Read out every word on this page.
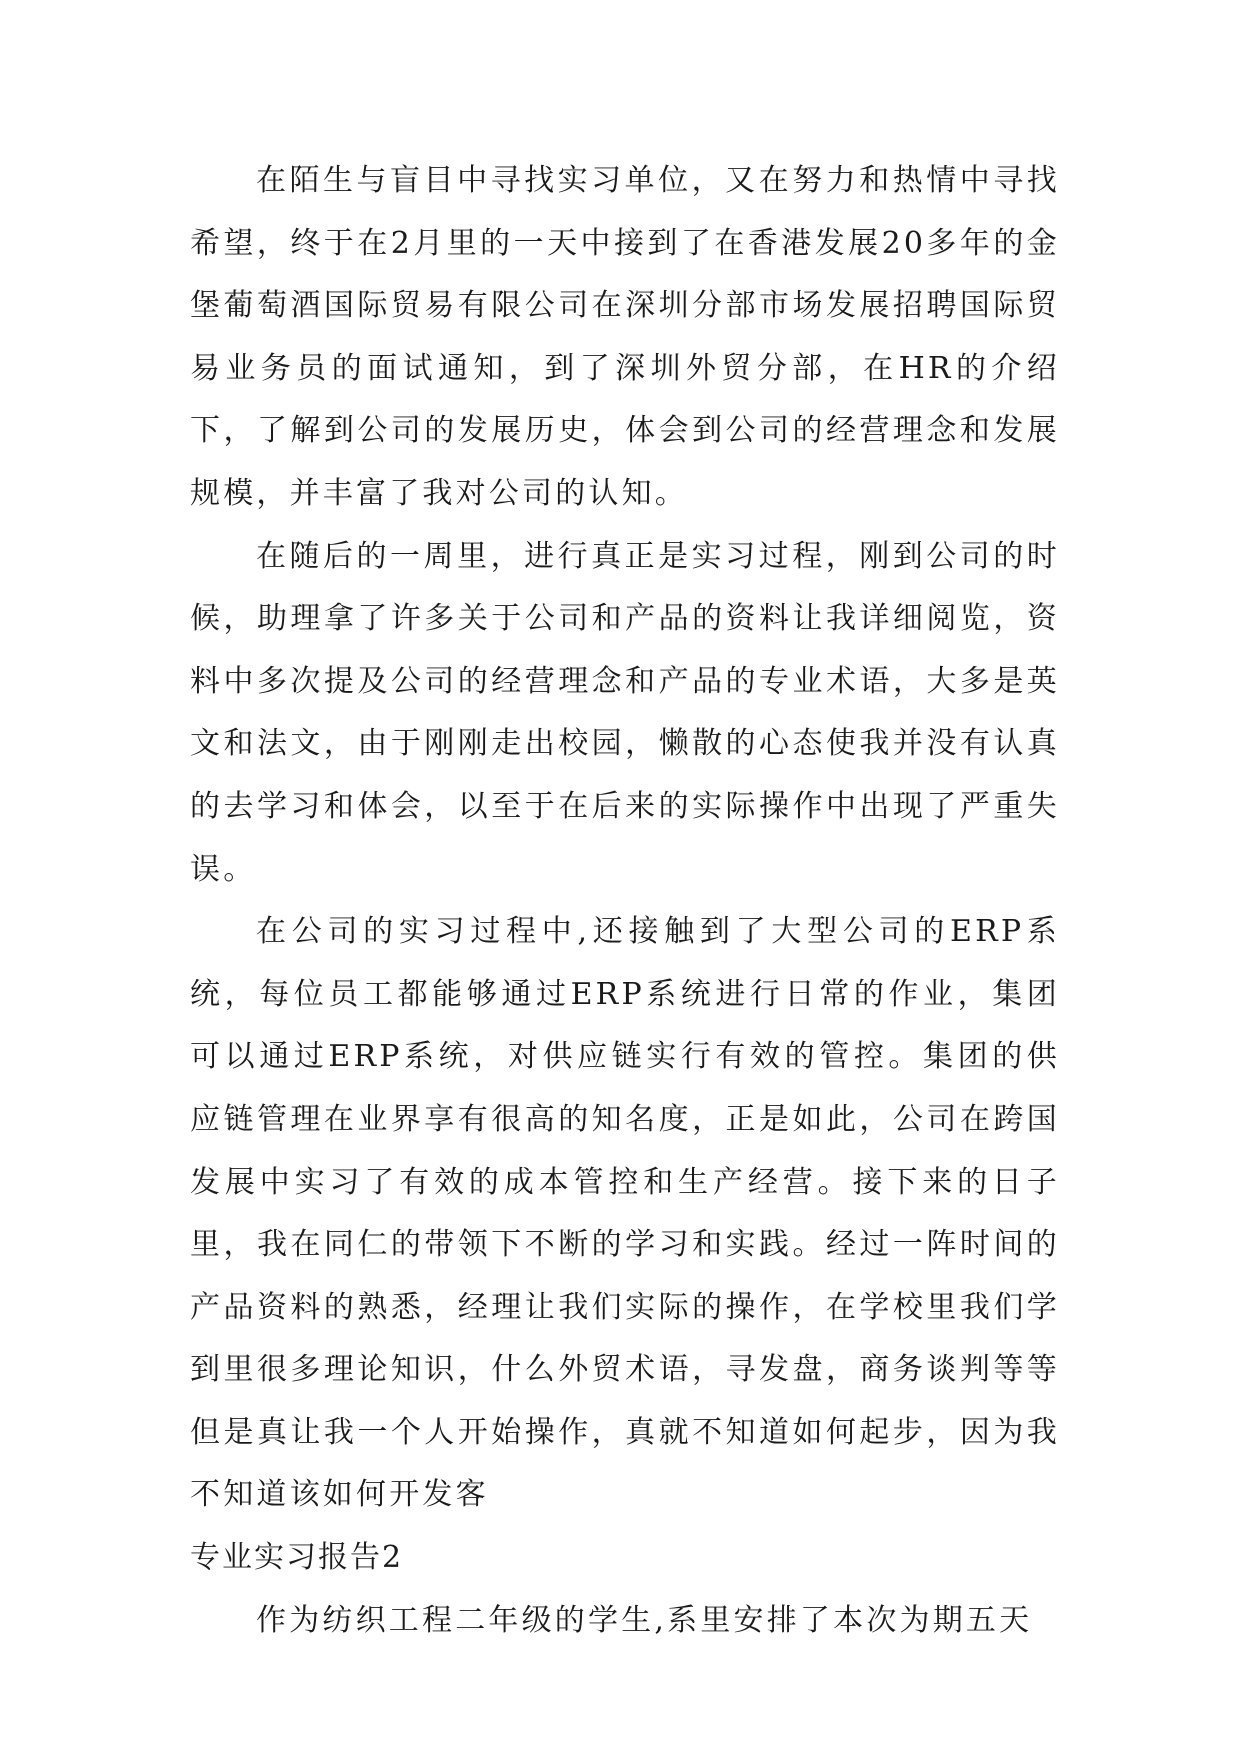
在陌生与盲目中寻找实习单位，又在努力和热情中寻找希望，终于在2月里的一天中接到了在香港发展20多年的金堡葡萄酒国际贸易有限公司在深圳分部市场发展招聘国际贸易业务员的面试通知，到了深圳外贸分部，在HR的介绍下，了解到公司的发展历史，体会到公司的经营理念和发展规模，并丰富了我对公司的认知。

在随后的一周里，进行真正是实习过程，刚到公司的时候，助理拿了许多关于公司和产品的资料让我详细阅览，资料中多次提及公司的经营理念和产品的专业术语，大多是英文和法文，由于刚刚走出校园，懒散的心态使我并没有认真的去学习和体会，以至于在后来的实际操作中出现了严重失误。

在公司的实习过程中,还接触到了大型公司的ERP系统，每位员工都能够通过ERP系统进行日常的作业，集团可以通过ERP系统，对供应链实行有效的管控。集团的供应链管理在业界享有很高的知名度，正是如此，公司在跨国发展中实习了有效的成本管控和生产经营。接下来的日子里，我在同仁的带领下不断的学习和实践。经过一阵时间的产品资料的熟悉，经理让我们实际的操作，在学校里我们学到里很多理论知识，什么外贸术语，寻发盘，商务谈判等等但是真让我一个人开始操作，真就不知道如何起步，因为我不知道该如何开发客

专业实习报告2

作为纺织工程二年级的学生,系里安排了本次为期五天
